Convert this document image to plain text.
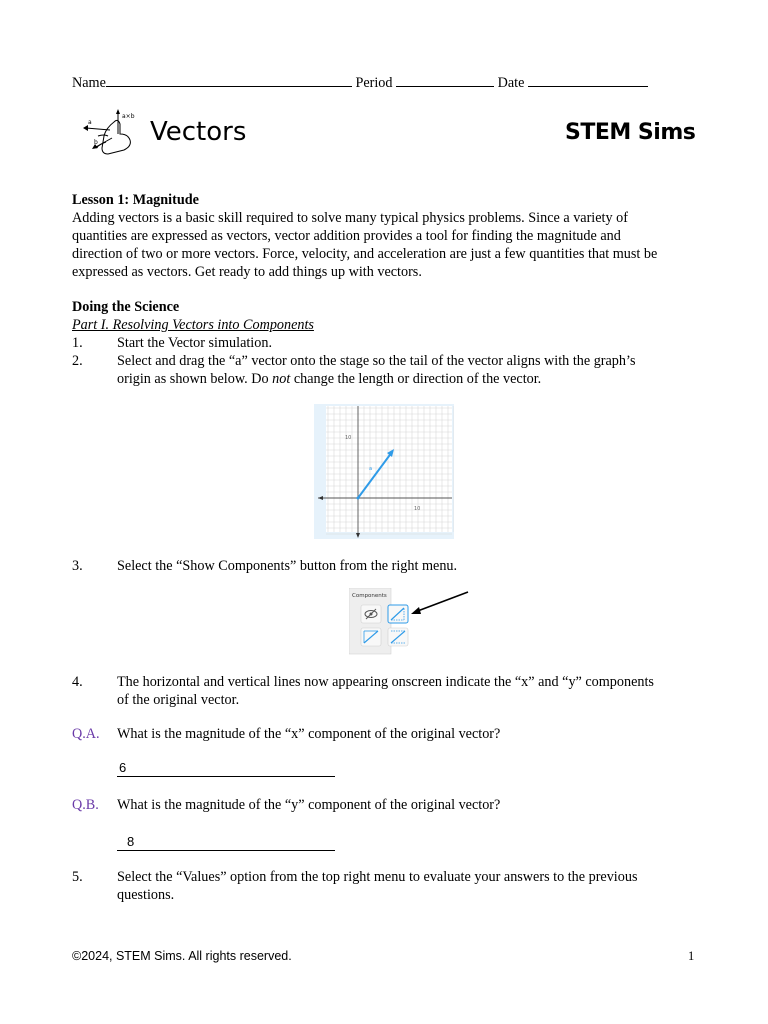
Name	Period	Date
a×b
a
b Vectors	STEM Sims
Lesson 1: Magnitude
Adding vectors is a basic skill required to solve many typical physics problems. Since a variety of
quantities are expressed as vectors, vector addition provides a tool for finding the magnitude and
direction of two or more vectors. Force, velocity, and acceleration are just a few quantities that must be
expressed as vectors. Get ready to add things up with vectors.
Doing the Science
Part I. Resolving Vectors into Components
1. Start the Vector simulation.
2. Select and drag the “a” vector onto the stage so the tail of the vector aligns with the graph’s
origin as shown below. Do not change the length or direction of the vector.
10
10
a
3. Select the “Show Components” button from the right menu.
Components
4. The horizontal and vertical lines now appearing onscreen indicate the “x” and “y” components
of the original vector.
Q.A. What is the magnitude of the “x” component of the original vector?
6
Q.B. What is the magnitude of the “y” component of the original vector?
8
5. Select the “Values” option from the top right menu to evaluate your answers to the previous
questions.
©2024, STEM Sims. All rights reserved.	1
